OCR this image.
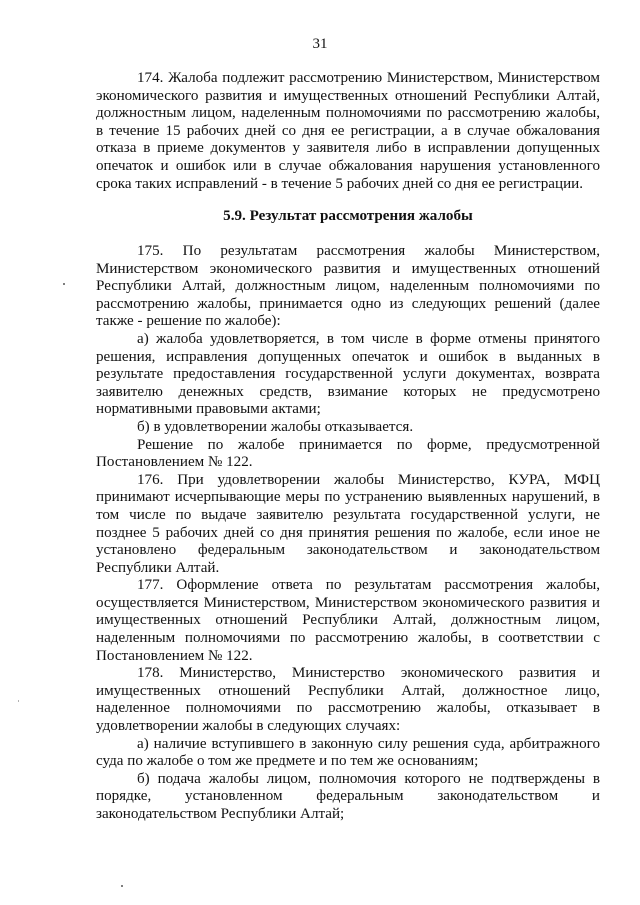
31

174. Жалоба подлежит рассмотрению Министерством, Министерством экономического развития и имущественных отношений Республики Алтай, должностным лицом, наделенным полномочиями по рассмотрению жалобы, в течение 15 рабочих дней со дня ее регистрации, а в случае обжалования отказа в приеме документов у заявителя либо в исправлении допущенных опечаток и ошибок или в случае обжалования нарушения установленного срока таких исправлений - в течение 5 рабочих дней со дня ее регистрации.

5.9. Результат рассмотрения жалобы

175. По результатам рассмотрения жалобы Министерством, Министерством экономического развития и имущественных отношений Республики Алтай, должностным лицом, наделенным полномочиями по рассмотрению жалобы, принимается одно из следующих решений (далее также - решение по жалобе):

а) жалоба удовлетворяется, в том числе в форме отмены принятого решения, исправления допущенных опечаток и ошибок в выданных в результате предоставления государственной услуги документах, возврата заявителю денежных средств, взимание которых не предусмотрено нормативными правовыми актами;

б) в удовлетворении жалобы отказывается.

Решение по жалобе принимается по форме, предусмотренной Постановлением № 122.

176. При удовлетворении жалобы Министерство, КУРА, МФЦ принимают исчерпывающие меры по устранению выявленных нарушений, в том числе по выдаче заявителю результата государственной услуги, не позднее 5 рабочих дней со дня принятия решения по жалобе, если иное не установлено федеральным законодательством и законодательством Республики Алтай.

177. Оформление ответа по результатам рассмотрения жалобы, осуществляется Министерством, Министерством экономического развития и имущественных отношений Республики Алтай, должностным лицом, наделенным полномочиями по рассмотрению жалобы, в соответствии с Постановлением № 122.

178. Министерство, Министерство экономического развития и имущественных отношений Республики Алтай, должностное лицо, наделенное полномочиями по рассмотрению жалобы, отказывает в удовлетворении жалобы в следующих случаях:

а) наличие вступившего в законную силу решения суда, арбитражного суда по жалобе о том же предмете и по тем же основаниям;

б) подача жалобы лицом, полномочия которого не подтверждены в порядке, установленном федеральным законодательством и законодательством Республики Алтай;
